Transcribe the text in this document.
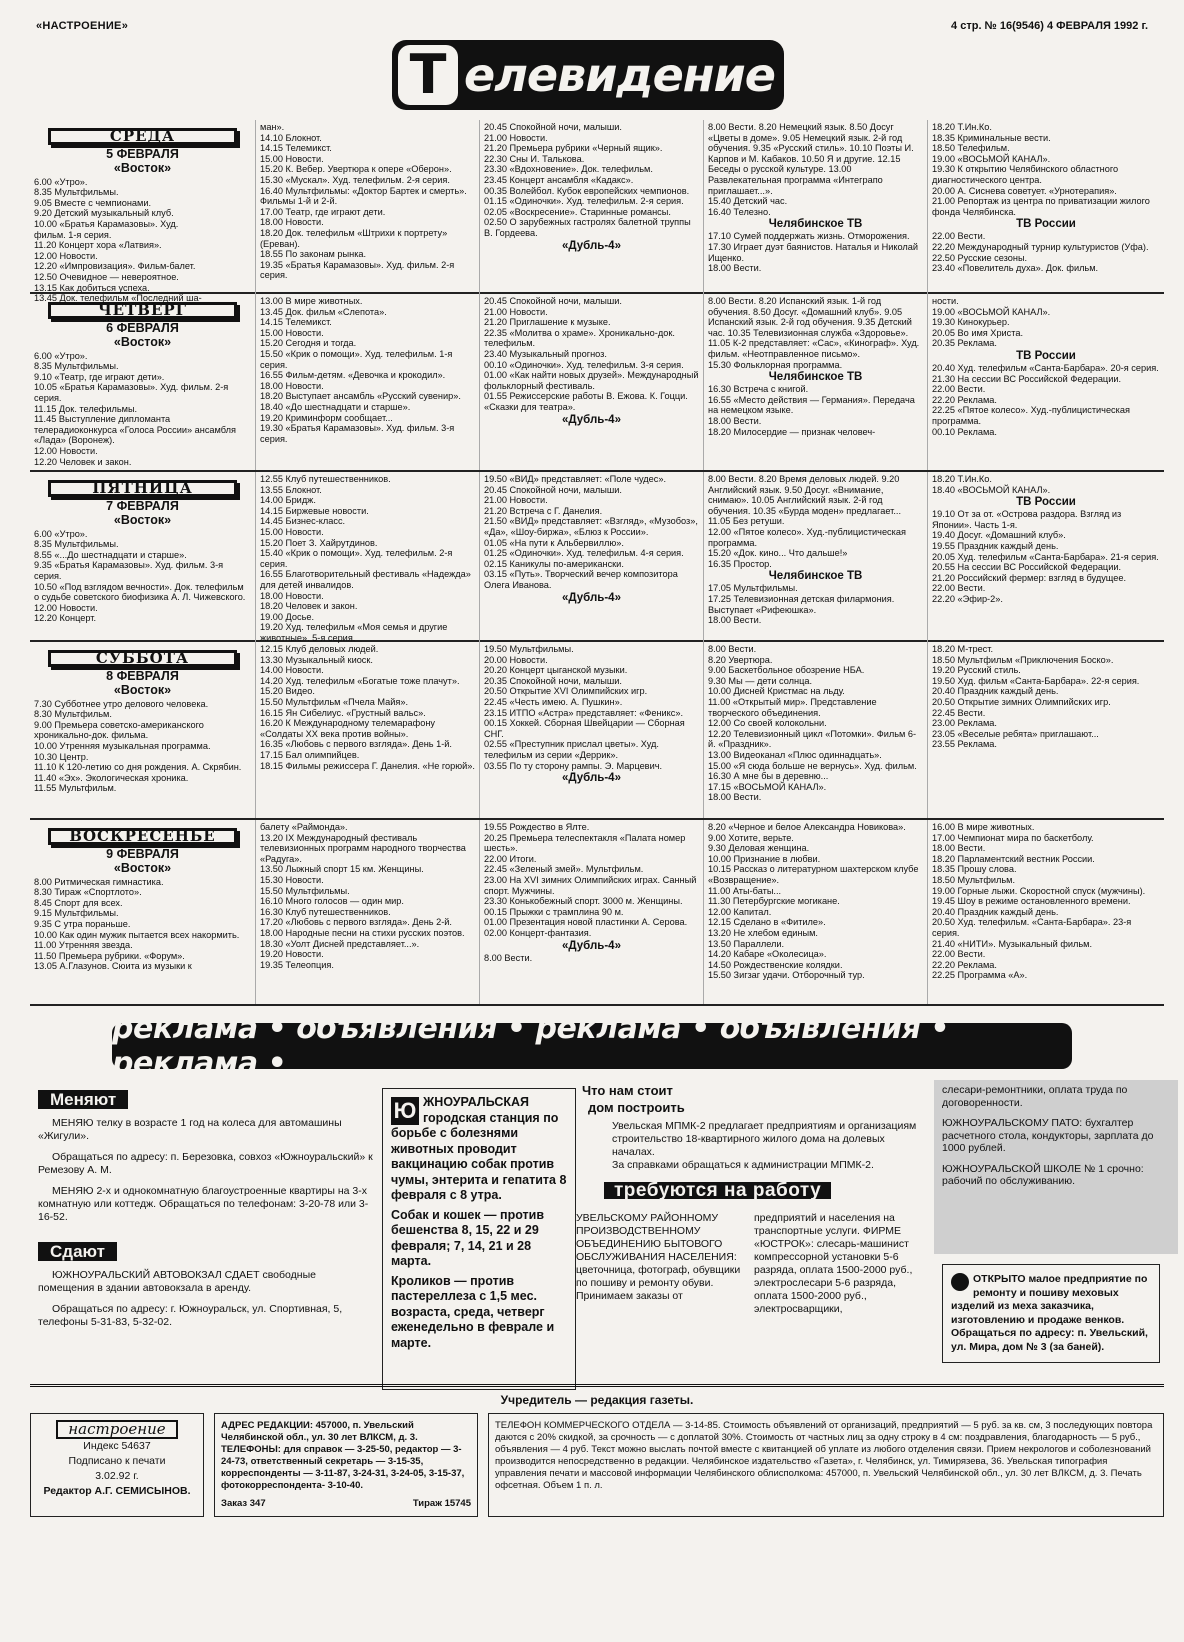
«НАСТРОЕНИЕ»	4 стр. № 16(9546) 4 ФЕВРАЛЯ 1992 г.
Т елевидение
СРЕДА
5 ФЕВРАЛЯ
«Восток»
6.00 «Утро».
8.35 Мультфильмы.
9.05 Вместе с чемпионами.
9.20 Детский музыкальный клуб.
10.00 «Братья Карамазовы». Худ.
фильм. 1-я серия.
11.20 Концерт хора «Латвия».
12.00 Новости.
12.20 «Импровизация». Фильм-балет.
12.50 Очевидное — невероятное.
13.15 Как добиться успеха.
13.45 Док. телефильм «Последний ша-
ман».
14.10 Блокнот.
14.15 Телемикст.
15.00 Новости.
15.20 К. Вебер. Увертюра к опере «Оберон».
15.30 «Мускал». Худ. телефильм. 2-я серия.
16.40 Мультфильмы: «Доктор Бартек и смерть». Фильмы 1-й и 2-й.
17.00 Театр, где играют дети.
18.00 Новости.
18.20 Док. телефильм «Штрихи к портрету» (Ереван).
18.55 По законам рынка.
19.35 «Братья Карамазовы». Худ. фильм. 2-я серия.
20.45 Спокойной ночи, малыши.
21.00 Новости.
21.20 Премьера рубрики «Черный ящик».
22.30 Сны И. Талькова.
23.30 «Вдохновение». Док. телефильм.
23.45 Концерт ансамбля «Кадакс».
00.35 Волейбол. Кубок европейских чемпионов.
01.15 «Одиночки». Худ. телефильм. 2-я серия.
02.05 «Воскресение». Старинные романсы.
02.50 О зарубежных гастролях балетной труппы В. Гордеева.
«Дубль-4»
8.00 Вести. 8.20 Немецкий язык. 8.50 Досуг «Цветы в доме». 9.05 Немецкий язык. 2-й год обучения. 9.35 «Русский стиль». 10.10 Поэты И. Карпов и М. Кабаков. 10.50 Я и другие. 12.15 Беседы о русской культуре. 13.00 Развлекательная программа «Интеграпо приглашает...».
15.40 Детский час.
16.40 Телезно.
Челябинское ТВ
17.10 Сумей поддержать жизнь. Отморожения.
17.30 Играет дуэт баянистов. Наталья и Николай Ищенко.
18.00 Вести.
18.20 Т.Ин.Ко.
18.35 Криминальные вести.
18.50 Телефильм.
19.00 «ВОСЬМОЙ КАНАЛ».
19.30 К открытию Челябинского областного диагностического центра.
20.00 А. Сиснева советует. «Урнотерапия».
21.00 Репортаж из центра по приватизации жилого фонда Челябинска.
ТВ России
22.00 Вести.
22.20 Международный турнир культуристов (Уфа).
22.50 Русские сезоны.
23.40 «Повелитель духа». Док. фильм.
ЧЕТВЕРГ
6 ФЕВРАЛЯ
«Восток»
6.00 «Утро».
8.35 Мультфильмы.
9.10 «Театр, где играют дети».
10.05 «Братья Карамазовы». Худ. фильм. 2-я серия.
11.15 Док. телефильмы.
11.45 Выступление дипломанта телерадиоконкурса «Голоса России» ансамбля «Лада» (Воронеж).
12.00 Новости.
12.20 Человек и закон.
13.00 В мире животных.
13.45 Док. фильм «Слепота».
14.15 Телемикст.
15.00 Новости.
15.20 Сегодня и тогда.
15.50 «Крик о помощи». Худ. телефильм. 1-я серия.
16.55 Фильм-детям. «Девочка и крокодил».
18.00 Новости.
18.20 Выступает ансамбль «Русский сувенир».
18.40 «До шестнадцати и старше».
19.20 Криминформ сообщает...
19.30 «Братья Карамазовы». Худ. фильм. 3-я серия.
20.45 Спокойной ночи, малыши.
21.00 Новости.
21.20 Приглашение к музыке.
22.35 «Молитва о храме». Хроникально-док. телефильм.
23.40 Музыкальный прогноз.
00.10 «Одиночки». Худ. телефильм. 3-я серия.
01.00 «Как найти новых друзей». Международный фольклорный фестиваль.
01.55 Режиссерские работы В. Ежова. К. Гоцци. «Сказки для театра».
«Дубль-4»
8.00 Вести. 8.20 Испанский язык. 1-й год обучения. 8.50 Досуг. «Домашний клуб». 9.05 Испанский язык. 2-й год обучения. 9.35 Детский час. 10.35 Телевизионная служба «Здоровье».
11.05 К-2 представляет: «Сас», «Кинограф». Худ. фильм. «Неотправленное письмо».
15.30 Фольклорная программа.
Челябинское ТВ
16.30 Встреча с книгой.
16.55 «Место действия — Германия». Передача на немецком языке.
18.00 Вести.
18.20 Милосердие — признак человеч-
ности.
19.00 «ВОСЬМОЙ КАНАЛ».
19.30 Кинокурьер.
20.05 Во имя Христа.
20.35 Реклама.
ТВ России
20.40 Худ. телефильм «Санта-Барбара». 20-я серия.
21.30 На сессии ВС Российской Федерации.
22.00 Вести.
22.20 Реклама.
22.25 «Пятое колесо». Худ.-публицистическая программа.
00.10 Реклама.
ПЯТНИЦА
7 ФЕВРАЛЯ
«Восток»
6.00 «Утро».
8.35 Мультфильмы.
8.55 «...До шестнадцати и старше».
9.35 «Братья Карамазовы». Худ. фильм. 3-я серия.
10.50 «Под взглядом вечности». Док. телефильм о судьбе советского биофизика А. Л. Чижевского.
12.00 Новости.
12.20 Концерт.
12.55 Клуб путешественников.
13.55 Блокнот.
14.00 Бридж.
14.15 Биржевые новости.
14.45 Бизнес-класс.
15.00 Новости.
15.20 Поет З. Хайрутдинов.
15.40 «Крик о помощи». Худ. телефильм. 2-я серия.
16.55 Благотворительный фестиваль «Надежда» для детей инвалидов.
18.00 Новости.
18.20 Человек и закон.
19.00 Досье.
19.20 Худ. телефильм «Моя семья и другие животные». 5-я серия.
19.50 «ВИД» представляет: «Поле чудес».
20.45 Спокойной ночи, малыши.
21.00 Новости.
21.20 Встреча с Г. Данелия.
21.50 «ВИД» представляет: «Взгляд», «Музобоз», «Да», «Шоу-биржа», «Блюз к России».
01.05 «На пути к Альбервиллю».
01.25 «Одиночки». Худ. телефильм. 4-я серия.
02.15 Каникулы по-американски.
03.15 «Путь». Творческий вечер композитора Олега Иванова.
«Дубль-4»
8.00 Вести. 8.20 Время деловых людей. 9.20 Английский язык. 9.50 Досуг. «Внимание, снимаю». 10.05 Английский язык. 2-й год обучения. 10.35 «Бурда моден» предлагает...
11.05 Без ретуши.
12.00 «Пятое колесо». Худ.-публицистическая программа.
15.20 «Док. кино... Что дальше!»
16.35 Простор.
Челябинское ТВ
17.05 Мультфильмы.
17.25 Телевизионная детская филармония. Выступает «Рифеюшка».
18.00 Вести.
18.20 Т.Ин.Ко.
18.40 «ВОСЬМОЙ КАНАЛ».
ТВ России
19.10 От за от. «Острова раздора. Взгляд из Японии». Часть 1-я.
19.40 Досуг. «Домашний клуб».
19.55 Праздник каждый день.
20.05 Худ. телефильм «Санта-Барбара». 21-я серия.
20.55 На сессии ВС Российской Федерации.
21.20 Российский фермер: взгляд в будущее.
22.00 Вести.
22.20 «Эфир-2».
СУББОТА
8 ФЕВРАЛЯ
«Восток»
7.30 Субботнее утро делового человека.
8.30 Мультфильм.
9.00 Премьера советско-американского хроникально-док. фильма.
10.00 Утренняя музыкальная программа.
10.30 Центр.
11.10 К 120-летию со дня рождения. А. Скрябин.
11.40 «Эх». Экологическая хроника.
11.55 Мультфильм.
12.15 Клуб деловых людей.
13.30 Музыкальный киоск.
14.00 Новости.
14.20 Худ. телефильм «Богатые тоже плачут».
15.20 Видео.
15.50 Мультфильм «Пчела Майя».
16.15 Ян Сибелиус. «Грустный вальс».
16.20 К Международному телемарафону «Солдаты XX века против войны».
16.35 «Любовь с первого взгляда». День 1-й.
17.15 Бал олимпийцев.
18.15 Фильмы режиссера Г. Данелия. «Не горюй».
19.50 Мультфильмы.
20.00 Новости.
20.20 Концерт цыганской музыки.
20.35 Спокойной ночи, малыши.
20.50 Открытие XVI Олимпийских игр.
22.45 «Честь имею. А. Пушкин».
23.15 ИТПО «Астра» представляет: «Феникс».
00.15 Хоккей. Сборная Швейцарии — Сборная СНГ.
02.55 «Преступник прислал цветы». Худ. телефильм из серии «Деррик».
03.55 По ту сторону рампы. Э. Марцевич.
«Дубль-4»
8.00 Вести.
8.20 Увертюра.
9.00 Баскетбольное обозрение НБА.
9.30 Мы — дети солнца.
10.00 Дисней Кристмас на льду.
11.00 «Открытый мир». Представление творческого объединения.
12.00 Со своей колокольни.
12.20 Телевизионный цикл «Потомки». Фильм 6-й. «Праздник».
13.00 Видеоканал «Плюс одиннадцать».
15.00 «Я сюда больше не вернусь». Худ. фильм.
16.30 А мне бы в деревню...
17.15 «ВОСЬМОЙ КАНАЛ».
18.00 Вести.
18.20 М-трест.
18.50 Мультфильм «Приключения Боско».
19.20 Русский стиль.
19.50 Худ. фильм «Санта-Барбара». 22-я серия.
20.40 Праздник каждый день.
20.50 Открытие зимних Олимпийских игр.
22.45 Вести.
23.00 Реклама.
23.05 «Веселые ребята» приглашают...
23.55 Реклама.
ВОСКРЕСЕНЬЕ
9 ФЕВРАЛЯ
«Восток»
8.00 Ритмическая гимнастика.
8.30 Тираж «Спортлото».
8.45 Спорт для всех.
9.15 Мультфильмы.
9.35 С утра пораньше.
10.00 Как один мужик пытается всех накормить.
11.00 Утренняя звезда.
11.50 Премьера рубрики. «Форум».
13.05 А.Глазунов. Сюита из музыки к
балету «Раймонда».
13.20 IX Международный фестиваль телевизионных программ народного творчества «Радуга».
13.50 Лыжный спорт 15 км. Женщины.
15.30 Новости.
15.50 Мультфильмы.
16.10 Много голосов — один мир.
16.30 Клуб путешественников.
17.20 «Любовь с первого взгляда». День 2-й.
18.00 Народные песни на стихи русских поэтов.
18.30 «Уолт Дисней представляет...».
19.20 Новости.
19.35 Телеопция.
19.55 Рождество в Ялте.
20.25 Премьера телеспектакля «Палата номер шесть».
22.00 Итоги.
22.45 «Зеленый змей». Мультфильм.
23.00 На XVI зимних Олимпийских играх. Санный спорт. Мужчины.
23.30 Конькобежный спорт. 3000 м. Женщины.
00.15 Прыжки с трамплина 90 м.
01.00 Презентация новой пластинки А. Серова.
02.00 Концерт-фантазия.
«Дубль-4»
8.00 Вести.
8.20 «Черное и белое Александра Новикова».
9.00 Хотите, верьте.
9.30 Деловая женщина.
10.00 Признание в любви.
10.15 Рассказ о литературном шахтерском клубе «Возвращение».
11.00 Аты-баты...
11.30 Петербургские могикане.
12.00 Капитал.
12.15 Сделано в «Фитиле».
13.20 Не хлебом единым.
13.50 Параллели.
14.20 Кабаре «Околесица».
14.50 Рождественские колядки.
15.50 Зигзаг удачи. Отборочный тур.
16.00 В мире животных.
17.00 Чемпионат мира по баскетболу.
18.00 Вести.
18.20 Парламентский вестник России.
18.35 Прошу слова.
18.50 Мультфильм.
19.00 Горные лыжи. Скоростной спуск (мужчины).
19.45 Шоу в режиме остановленного времени.
20.40 Праздник каждый день.
20.50 Худ. телефильм. «Санта-Барбара». 23-я серия.
21.40 «НИТИ». Музыкальный фильм.
22.00 Вести.
22.20 Реклама.
22.25 Программа «А».
реклама • объявления • реклама • объявления • реклама •
Меняют

МЕНЯЮ телку в возрасте 1 год на колеса для автомашины «Жигули».

Обращаться по адресу: п. Березовка, совхоз «Южноуральский» к Ремезову А. М.

МЕНЯЮ 2-х и однокомнатную благоустроенные квартиры на 3-х комнатную или коттедж. Обращаться по телефонам: 3-20-78 или 3-16-52.

Сдают

ЮЖНОУРАЛЬСКИЙ АВТОВОКЗАЛ СДАЕТ свободные помещения в здании автовокзала в аренду.

Обращаться по адресу: г. Южноуральск, ул. Спортивная, 5, телефоны 5-31-83, 5-32-02.

Ю ЖНОУРАЛЬСКАЯ городская станция по борьбе с болезнями животных проводит вакцинацию собак против чумы, энтерита и гепатита 8 февраля с 8 утра.
Собак и кошек — против бешенства 8, 15, 22 и 29 февраля; 7, 14, 21 и 28 марта.
Кроликов — против пастереллеза с 1,5 мес. возраста, среда, четверг еженедельно в феврале и марте.
Что нам стоит
дом построить
Увельская МПМК-2 предлагает предприятиям и организациям строительство 18-квартирного жилого дома на долевых началах.
За справками обращаться к администрации МПМК-2.
требуются на работу
УВЕЛЬСКОМУ РАЙОННОМУ ПРОИЗВОДСТВЕННОМУ ОБЪЕДИНЕНИЮ БЫТОВОГО ОБСЛУЖИВАНИЯ НАСЕЛЕНИЯ: цветочница, фотограф, обувщики по пошиву и ремонту обуви. Принимаем заказы от
предприятий и населения на транспортные услуги. ФИРМЕ «ЮСТРОК»: слесарь-машинист компрессорной установки 5-6 разряда, оплата 1500-2000 руб., электрослесари 5-6 разряда, оплата 1500-2000 руб., электросварщики,
слесари-ремонтники, оплата труда по договоренности.
ЮЖНОУРАЛЬСКОМУ ПАТО: бухгалтер расчетного стола, кондукторы, зарплата до 1000 рублей.
ЮЖНОУРАЛЬСКОЙ ШКОЛЕ № 1 срочно: рабочий по обслуживанию.
ОТКРЫТО малое предприятие по ремонту и пошиву меховых изделий из меха заказчика, изготовлению и продаже венков. Обращаться по адресу: п. Увельский, ул. Мира, дом № 3 (за баней).
Учредитель — редакция газеты.
настроение
Индекс 54637
Подписано к печати
3.02.92 г.
Редактор А.Г. СЕМИСЫНОВ.
АДРЕС РЕДАКЦИИ: 457000, п. Увельский Челябинской обл., ул. 30 лет ВЛКСМ, д. 3. ТЕЛЕФОНЫ: для справок — 3-25-50, редактор — 3-24-73, ответственный секретарь — 3-15-35, корреспонденты — 3-11-87, 3-24-31, 3-24-05, 3-15-37, фотокорреспондента- 3-10-40.
Заказ 347	Тираж 15745
ТЕЛЕФОН КОММЕРЧЕСКОГО ОТДЕЛА — 3-14-85. Стоимость объявлений от организаций, предприятий — 5 руб. за кв. см, 3 последующих повтора даются с 20% скидкой, за срочность — с доплатой 30%. Стоимость от частных лиц за одну строку в 4 см: поздравления, благодарность — 5 руб., объявления — 4 руб. Текст можно выслать почтой вместе с квитанцией об уплате из любого отделения связи. Прием некрологов и соболезнований производится непосредственно в редакции. Челябинское издательство «Газета», г. Челябинск, ул. Тимирязева, 36. Увельская типография управления печати и массовой информации Челябинского облисполкома: 457000, п. Увельский Челябинской обл., ул. 30 лет ВЛКСМ, д. 3. Печать офсетная. Объем 1 п. л.
